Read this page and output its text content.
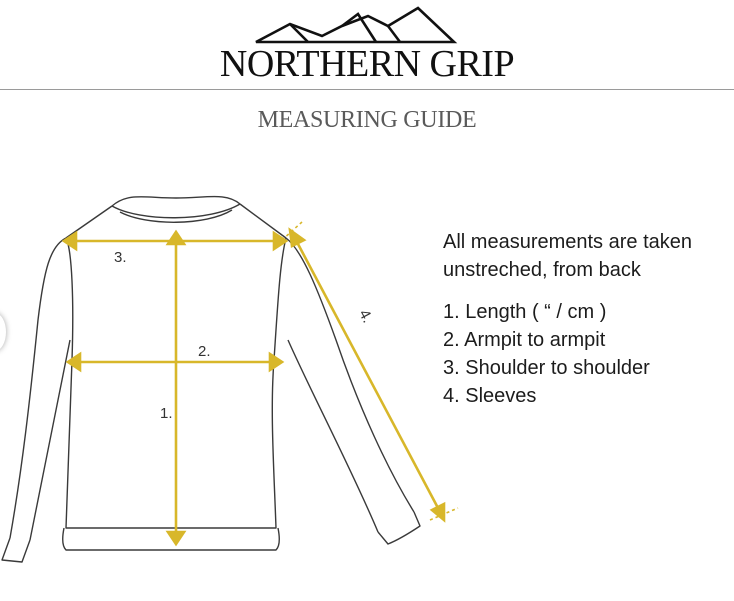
NORTHERN GRIP
MEASURING GUIDE
1.
2.
3.
4.
All measurements are taken
unstreched, from back
1. Length ( “ / cm )
2. Armpit to armpit
3. Shoulder to shoulder
4. Sleeves
